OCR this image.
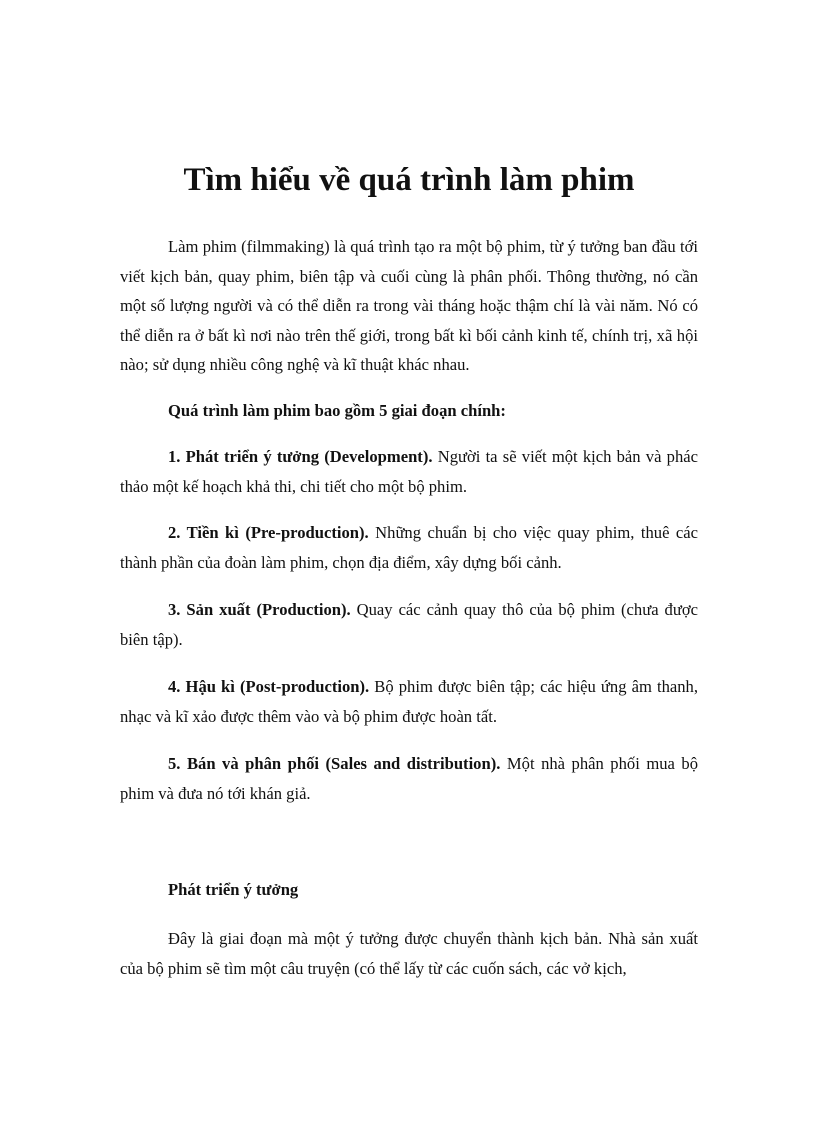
Tìm hiểu về quá trình làm phim

Làm phim (filmmaking) là quá trình tạo ra một bộ phim, từ ý tưởng ban đầu tới viết kịch bản, quay phim, biên tập và cuối cùng là phân phối. Thông thường, nó cần một số lượng người và có thể diễn ra trong vài tháng hoặc thậm chí là vài năm. Nó có thể diễn ra ở bất kì nơi nào trên thế giới, trong bất kì bối cảnh kinh tế, chính trị, xã hội nào; sử dụng nhiều công nghệ và kĩ thuật khác nhau.

Quá trình làm phim bao gồm 5 giai đoạn chính:

1. Phát triển ý tưởng (Development). Người ta sẽ viết một kịch bản và phác thảo một kế hoạch khả thi, chi tiết cho một bộ phim.

2. Tiền kì (Pre-production). Những chuẩn bị cho việc quay phim, thuê các thành phần của đoàn làm phim, chọn địa điểm, xây dựng bối cảnh.

3. Sản xuất (Production). Quay các cảnh quay thô của bộ phim (chưa được biên tập).

4. Hậu kì (Post-production). Bộ phim được biên tập; các hiệu ứng âm thanh, nhạc và kĩ xảo được thêm vào và bộ phim được hoàn tất.

5. Bán và phân phối (Sales and distribution). Một nhà phân phối mua bộ phim và đưa nó tới khán giả.

Phát triển ý tưởng

Đây là giai đoạn mà một ý tưởng được chuyển thành kịch bản. Nhà sản xuất của bộ phim sẽ tìm một câu truyện (có thể lấy từ các cuốn sách, các vở kịch,
